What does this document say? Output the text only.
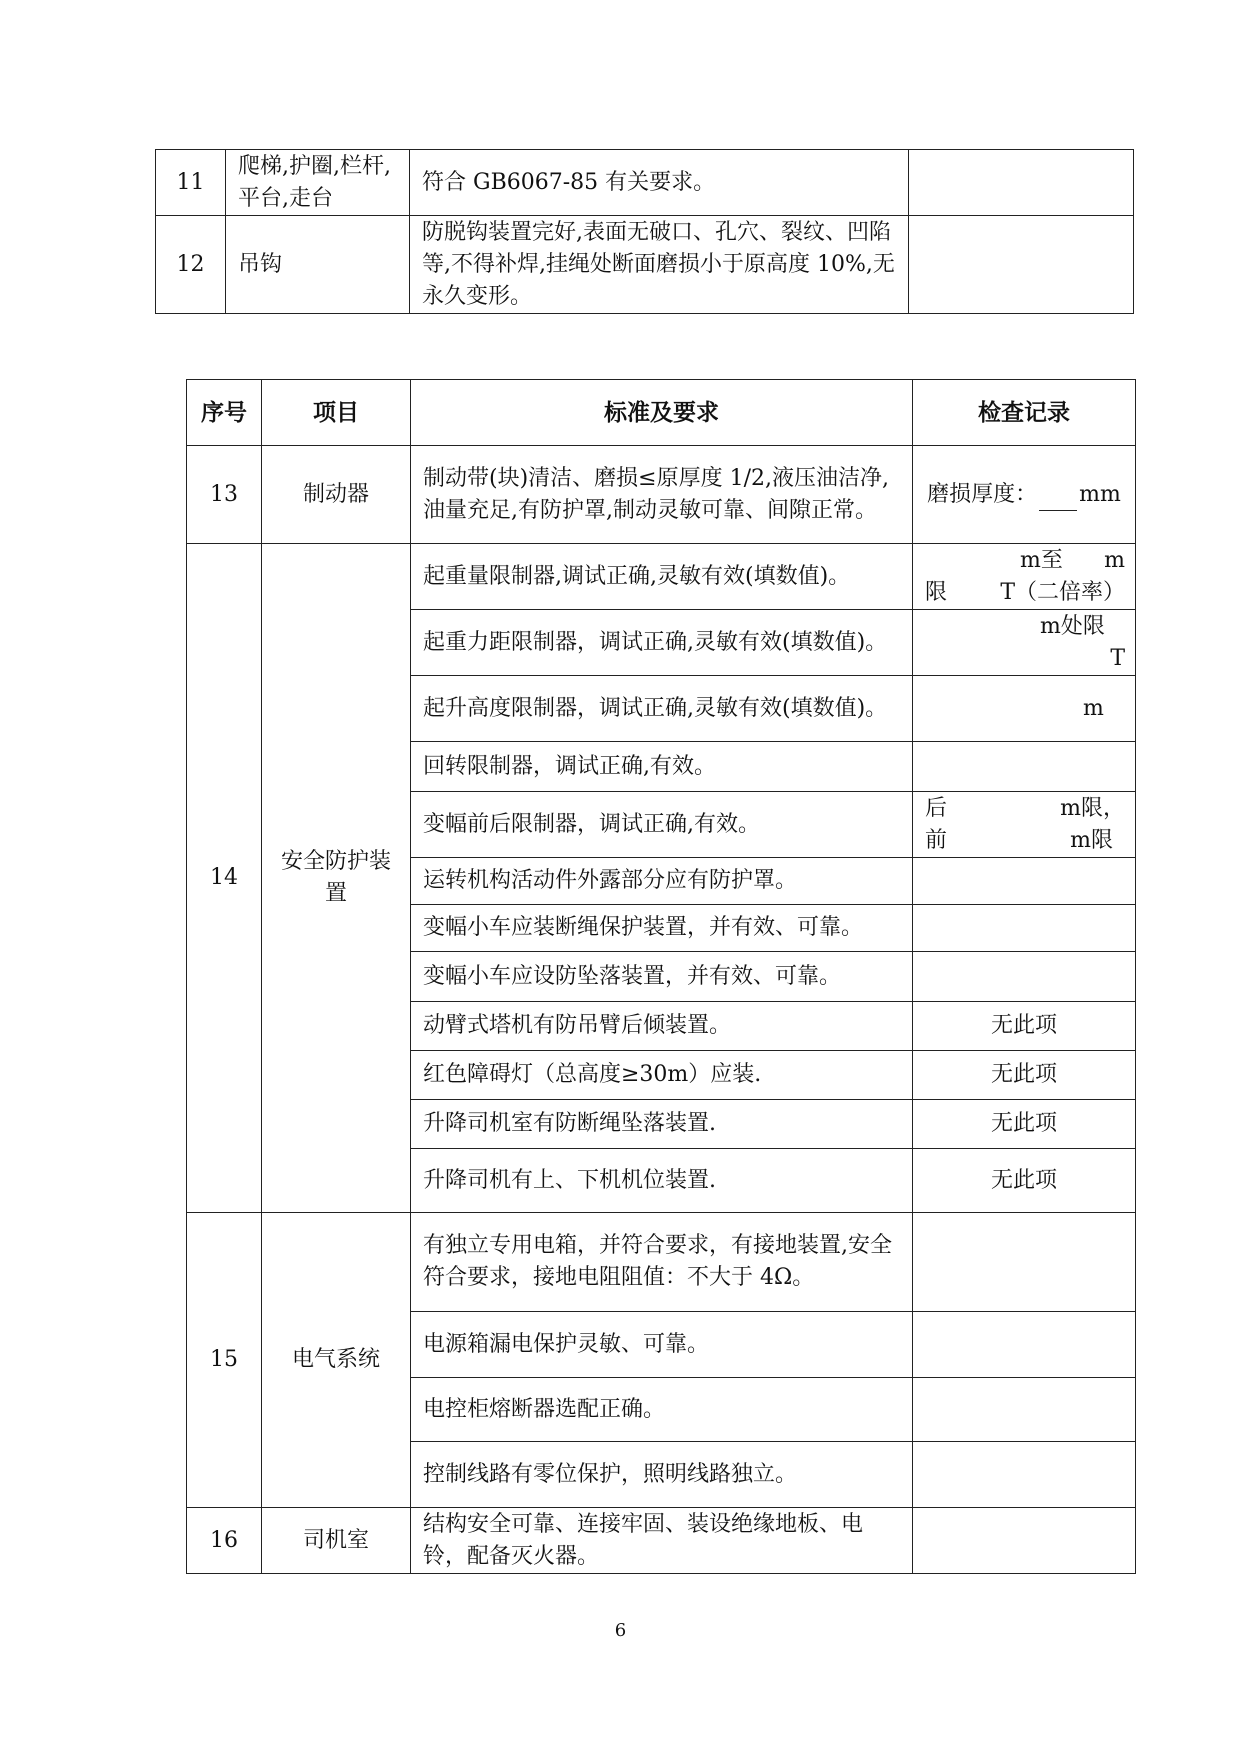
11	爬梯,护圈,栏杆,平台,走台	符合 GB6067-85 有关要求。	
12	吊钩	防脱钩装置完好,表面无破口、孔穴、裂纹、凹陷等,不得补焊,挂绳处断面磨损小于原高度 10%,无永久变形。	
序号	项目	标准及要求	检查记录
13	制动器	制动带(块)清洁、磨损≤原厚度 1/2,液压油洁净,油量充足,有防护罩,制动灵敏可靠、间隙正常。	磨损厚度： mm
14	安全防护装置	起重量限制器,调试正确,灵敏有效(填数值)。	m至 m
限 T（二倍率）

		起重力距限制器，调试正确,灵敏有效(填数值)。	m处限
T

		起升高度限制器，调试正确,灵敏有效(填数值)。	m

		回转限制器，调试正确,有效。	
		变幅前后限制器，调试正确,有效。	后 m限，
前 m限

		运转机构活动件外露部分应有防护罩。	
		变幅小车应装断绳保护装置，并有效、可靠。	
		变幅小车应设防坠落装置，并有效、可靠。	
		动臂式塔机有防吊臂后倾装置。	无此项
		红色障碍灯（总高度≥30m）应装.	无此项
		升降司机室有防断绳坠落装置.	无此项
		升降司机有上、下机机位装置.	无此项
15	电气系统	有独立专用电箱，并符合要求，有接地装置,安全符合要求，接地电阻阻值：不大于 4Ω。	
		电源箱漏电保护灵敏、可靠。	
		电控柜熔断器选配正确。	
		控制线路有零位保护，照明线路独立。	
16	司机室	结构安全可靠、连接牢固、装设绝缘地板、电铃，配备灭火器。	
6
